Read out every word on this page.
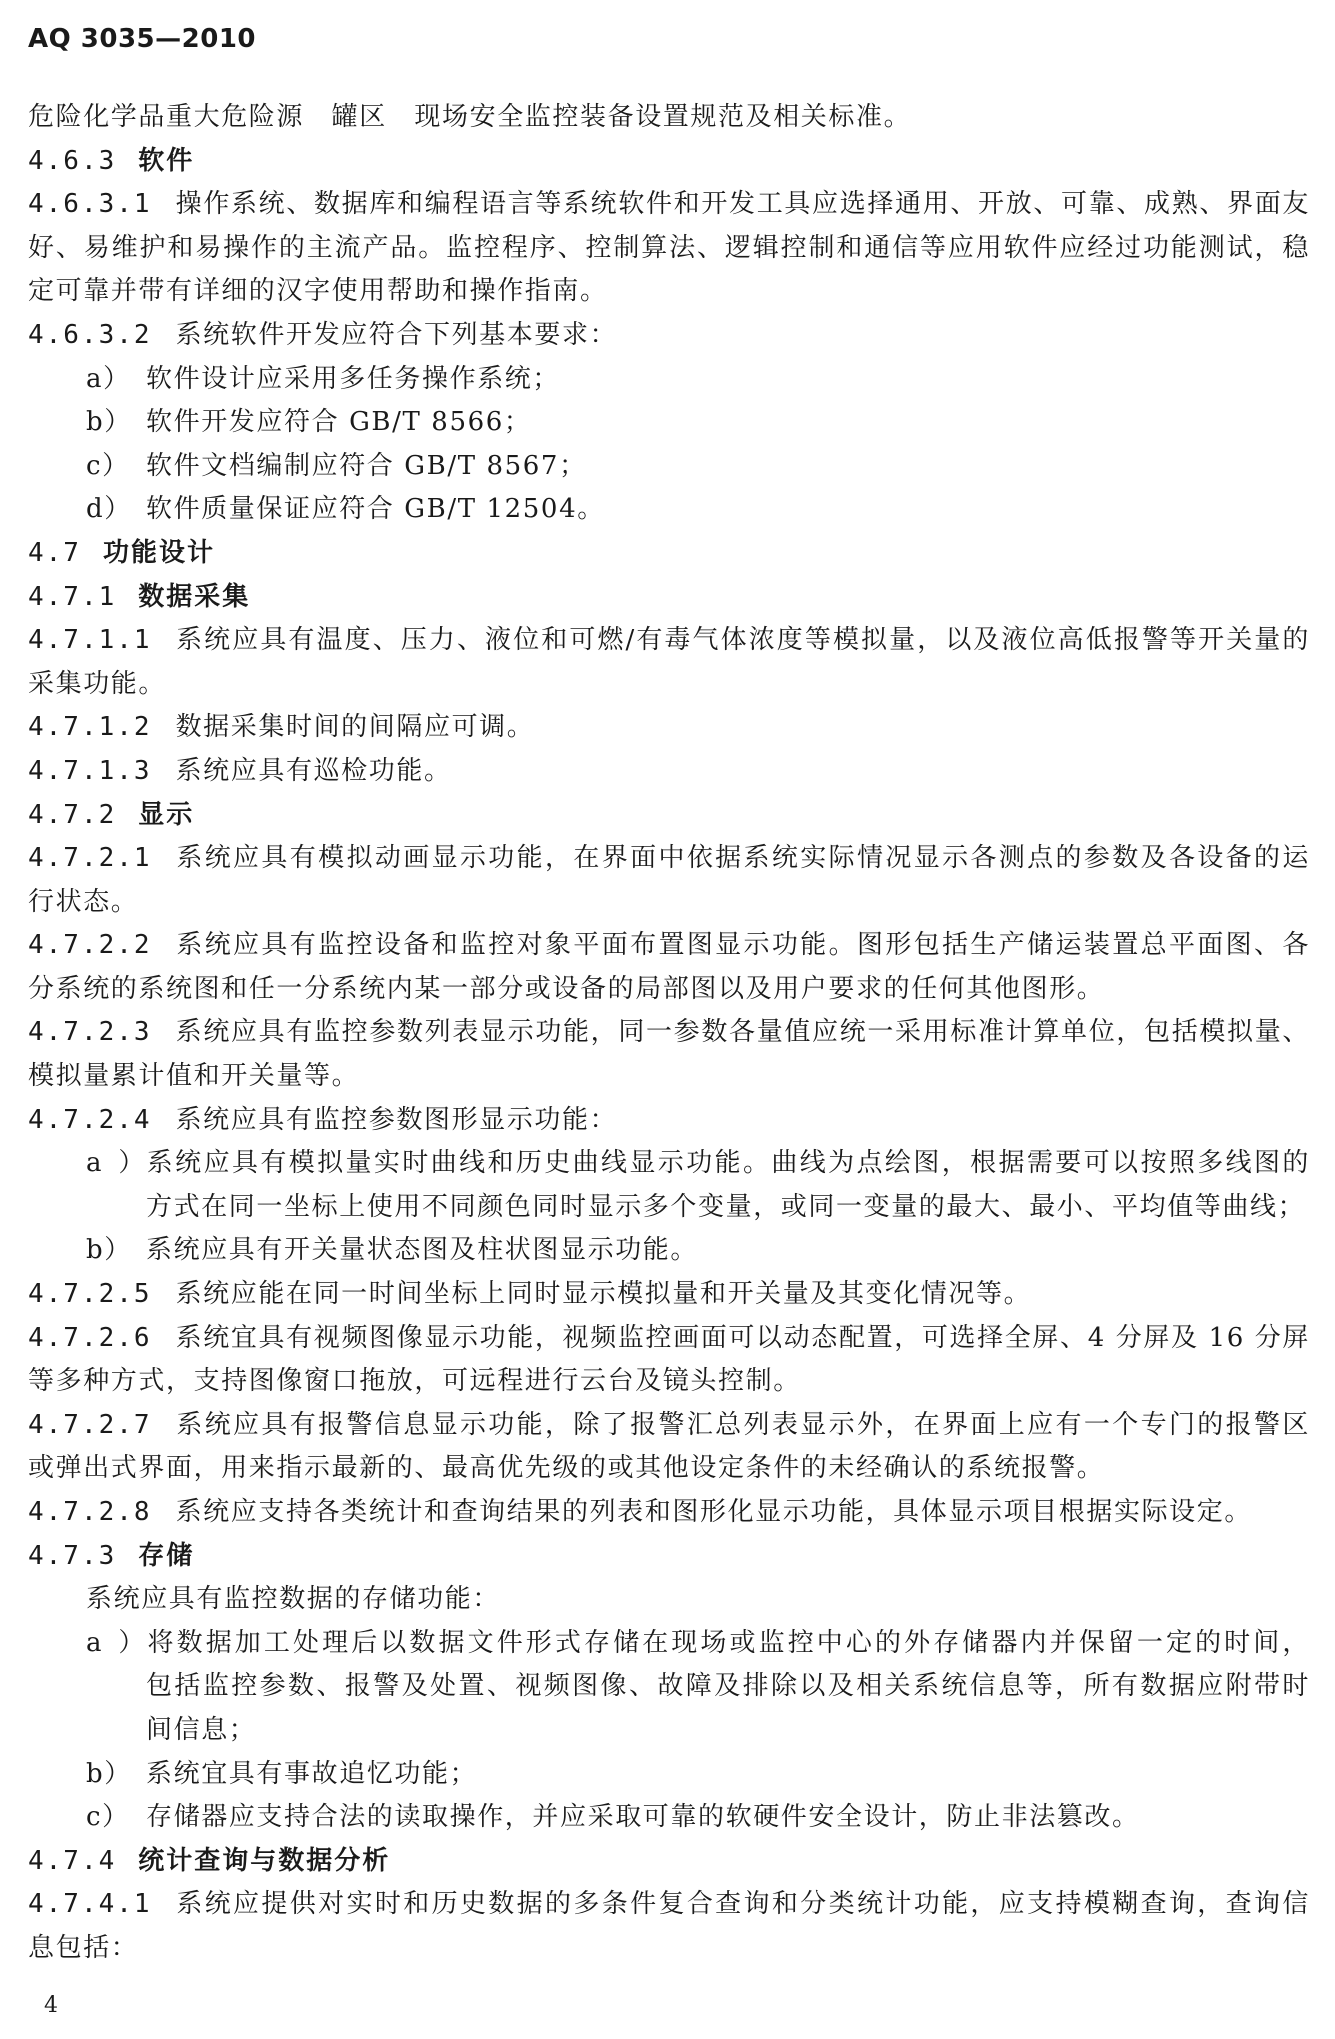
AQ 3035—2010
危险化学品重大危险源　罐区　现场安全监控装备设置规范及相关标准。
4.6.3 软件
4.6.3.1 操作系统、数据库和编程语言等系统软件和开发工具应选择通用、开放、可靠、成熟、界面友
好、易维护和易操作的主流产品。监控程序、控制算法、逻辑控制和通信等应用软件应经过功能测试，稳
定可靠并带有详细的汉字使用帮助和操作指南。
4.6.3.2 系统软件开发应符合下列基本要求：
a） 软件设计应采用多任务操作系统；
b） 软件开发应符合 GB/T 8566；
c） 软件文档编制应符合 GB/T 8567；
d） 软件质量保证应符合 GB/T 12504。
4.7 功能设计
4.7.1 数据采集
4.7.1.1 系统应具有温度、压力、液位和可燃/有毒气体浓度等模拟量，以及液位高低报警等开关量的
采集功能。
4.7.1.2 数据采集时间的间隔应可调。
4.7.1.3 系统应具有巡检功能。
4.7.2 显示
4.7.2.1 系统应具有模拟动画显示功能，在界面中依据系统实际情况显示各测点的参数及各设备的运
行状态。
4.7.2.2 系统应具有监控设备和监控对象平面布置图显示功能。图形包括生产储运装置总平面图、各
分系统的系统图和任一分系统内某一部分或设备的局部图以及用户要求的任何其他图形。
4.7.2.3 系统应具有监控参数列表显示功能，同一参数各量值应统一采用标准计算单位，包括模拟量、
模拟量累计值和开关量等。
4.7.2.4 系统应具有监控参数图形显示功能：
a）系统应具有模拟量实时曲线和历史曲线显示功能。曲线为点绘图，根据需要可以按照多线图的
方式在同一坐标上使用不同颜色同时显示多个变量，或同一变量的最大、最小、平均值等曲线；
b） 系统应具有开关量状态图及柱状图显示功能。
4.7.2.5 系统应能在同一时间坐标上同时显示模拟量和开关量及其变化情况等。
4.7.2.6 系统宜具有视频图像显示功能，视频监控画面可以动态配置，可选择全屏、4 分屏及 16 分屏
等多种方式，支持图像窗口拖放，可远程进行云台及镜头控制。
4.7.2.7 系统应具有报警信息显示功能，除了报警汇总列表显示外，在界面上应有一个专门的报警区
或弹出式界面，用来指示最新的、最高优先级的或其他设定条件的未经确认的系统报警。
4.7.2.8 系统应支持各类统计和查询结果的列表和图形化显示功能，具体显示项目根据实际设定。
4.7.3 存储
系统应具有监控数据的存储功能：
a）将数据加工处理后以数据文件形式存储在现场或监控中心的外存储器内并保留一定的时间，
包括监控参数、报警及处置、视频图像、故障及排除以及相关系统信息等，所有数据应附带时
间信息；
b） 系统宜具有事故追忆功能；
c） 存储器应支持合法的读取操作，并应采取可靠的软硬件安全设计，防止非法篡改。
4.7.4 统计查询与数据分析
4.7.4.1 系统应提供对实时和历史数据的多条件复合查询和分类统计功能，应支持模糊查询，查询信
息包括：
4
